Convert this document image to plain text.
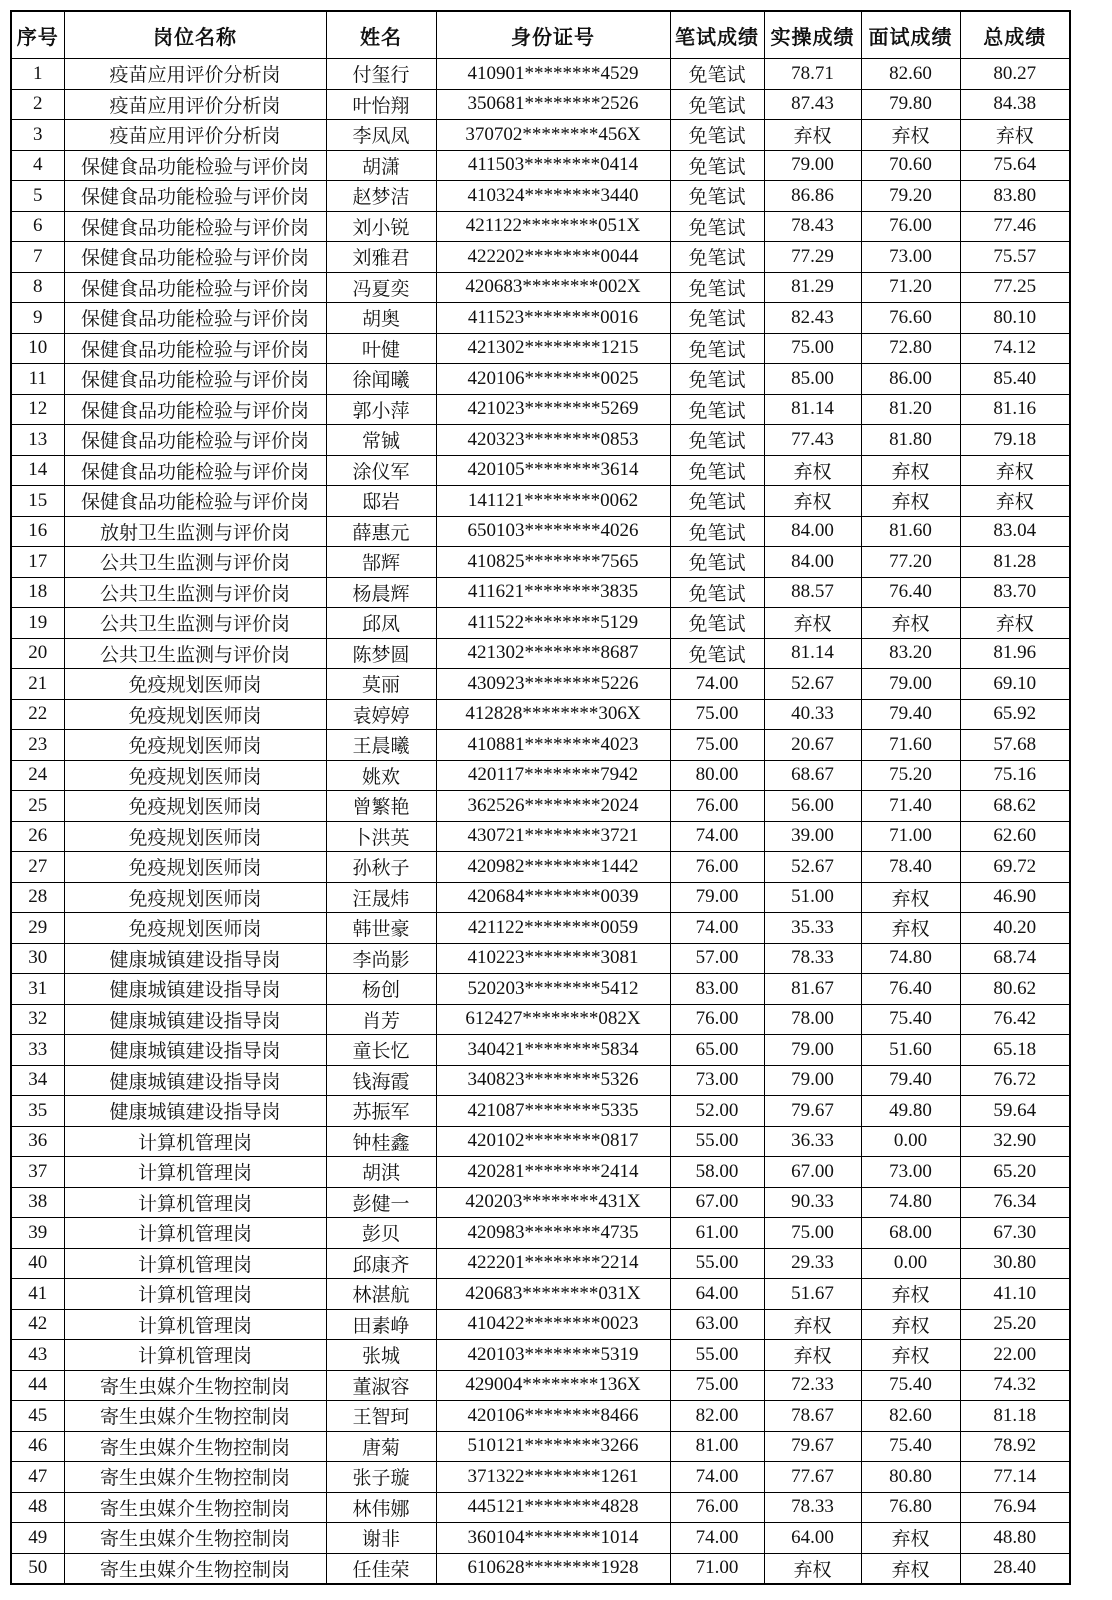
序号	岗位名称	姓名	身份证号	笔试成绩	实操成绩	面试成绩	总成绩
1	疫苗应用评价分析岗	付玺行	410901********4529	免笔试	78.71	82.60	80.27
2	疫苗应用评价分析岗	叶怡翔	350681********2526	免笔试	87.43	79.80	84.38
3	疫苗应用评价分析岗	李凤凤	370702********456X	免笔试	弃权	弃权	弃权
4	保健食品功能检验与评价岗	胡潇	411503********0414	免笔试	79.00	70.60	75.64
5	保健食品功能检验与评价岗	赵梦洁	410324********3440	免笔试	86.86	79.20	83.80
6	保健食品功能检验与评价岗	刘小锐	421122********051X	免笔试	78.43	76.00	77.46
7	保健食品功能检验与评价岗	刘雅君	422202********0044	免笔试	77.29	73.00	75.57
8	保健食品功能检验与评价岗	冯夏奕	420683********002X	免笔试	81.29	71.20	77.25
9	保健食品功能检验与评价岗	胡奥	411523********0016	免笔试	82.43	76.60	80.10
10	保健食品功能检验与评价岗	叶健	421302********1215	免笔试	75.00	72.80	74.12
11	保健食品功能检验与评价岗	徐闻曦	420106********0025	免笔试	85.00	86.00	85.40
12	保健食品功能检验与评价岗	郭小萍	421023********5269	免笔试	81.14	81.20	81.16
13	保健食品功能检验与评价岗	常铖	420323********0853	免笔试	77.43	81.80	79.18
14	保健食品功能检验与评价岗	涂仪军	420105********3614	免笔试	弃权	弃权	弃权
15	保健食品功能检验与评价岗	邸岩	141121********0062	免笔试	弃权	弃权	弃权
16	放射卫生监测与评价岗	薛惠元	650103********4026	免笔试	84.00	81.60	83.04
17	公共卫生监测与评价岗	郜辉	410825********7565	免笔试	84.00	77.20	81.28
18	公共卫生监测与评价岗	杨晨辉	411621********3835	免笔试	88.57	76.40	83.70
19	公共卫生监测与评价岗	邱凤	411522********5129	免笔试	弃权	弃权	弃权
20	公共卫生监测与评价岗	陈梦圆	421302********8687	免笔试	81.14	83.20	81.96
21	免疫规划医师岗	莫丽	430923********5226	74.00	52.67	79.00	69.10
22	免疫规划医师岗	袁婷婷	412828********306X	75.00	40.33	79.40	65.92
23	免疫规划医师岗	王晨曦	410881********4023	75.00	20.67	71.60	57.68
24	免疫规划医师岗	姚欢	420117********7942	80.00	68.67	75.20	75.16
25	免疫规划医师岗	曾繁艳	362526********2024	76.00	56.00	71.40	68.62
26	免疫规划医师岗	卜洪英	430721********3721	74.00	39.00	71.00	62.60
27	免疫规划医师岗	孙秋子	420982********1442	76.00	52.67	78.40	69.72
28	免疫规划医师岗	汪晟炜	420684********0039	79.00	51.00	弃权	46.90
29	免疫规划医师岗	韩世豪	421122********0059	74.00	35.33	弃权	40.20
30	健康城镇建设指导岗	李尚影	410223********3081	57.00	78.33	74.80	68.74
31	健康城镇建设指导岗	杨创	520203********5412	83.00	81.67	76.40	80.62
32	健康城镇建设指导岗	肖芳	612427********082X	76.00	78.00	75.40	76.42
33	健康城镇建设指导岗	童长忆	340421********5834	65.00	79.00	51.60	65.18
34	健康城镇建设指导岗	钱海霞	340823********5326	73.00	79.00	79.40	76.72
35	健康城镇建设指导岗	苏振军	421087********5335	52.00	79.67	49.80	59.64
36	计算机管理岗	钟桂鑫	420102********0817	55.00	36.33	0.00	32.90
37	计算机管理岗	胡淇	420281********2414	58.00	67.00	73.00	65.20
38	计算机管理岗	彭健一	420203********431X	67.00	90.33	74.80	76.34
39	计算机管理岗	彭贝	420983********4735	61.00	75.00	68.00	67.30
40	计算机管理岗	邱康齐	422201********2214	55.00	29.33	0.00	30.80
41	计算机管理岗	林湛航	420683********031X	64.00	51.67	弃权	41.10
42	计算机管理岗	田素峥	410422********0023	63.00	弃权	弃权	25.20
43	计算机管理岗	张城	420103********5319	55.00	弃权	弃权	22.00
44	寄生虫媒介生物控制岗	董淑容	429004********136X	75.00	72.33	75.40	74.32
45	寄生虫媒介生物控制岗	王智珂	420106********8466	82.00	78.67	82.60	81.18
46	寄生虫媒介生物控制岗	唐菊	510121********3266	81.00	79.67	75.40	78.92
47	寄生虫媒介生物控制岗	张子璇	371322********1261	74.00	77.67	80.80	77.14
48	寄生虫媒介生物控制岗	林伟娜	445121********4828	76.00	78.33	76.80	76.94
49	寄生虫媒介生物控制岗	谢非	360104********1014	74.00	64.00	弃权	48.80
50	寄生虫媒介生物控制岗	任佳荣	610628********1928	71.00	弃权	弃权	28.40
